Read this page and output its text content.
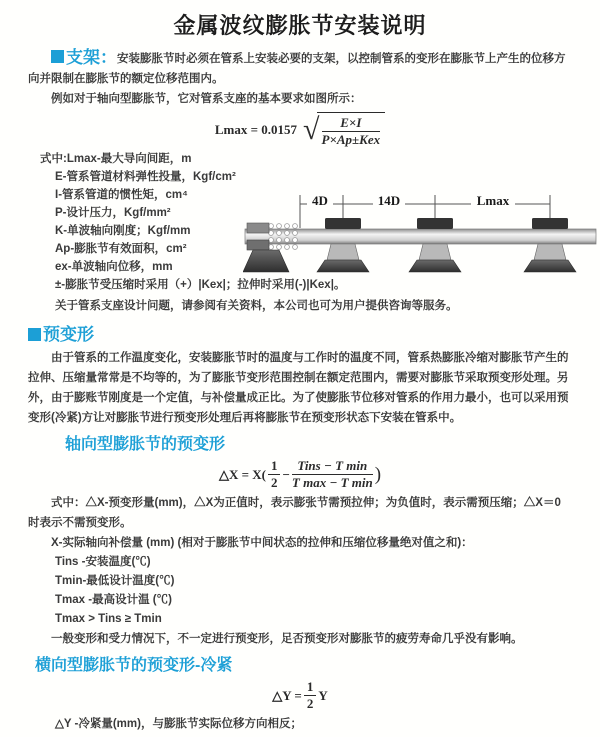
金属波纹膨胀节安装说明

支架：安装膨胀节时必须在管系上安装必要的支架，以控制管系的变形在膨胀节上产生的位移方向并限制在膨胀节的额定位移范围内。

例如对于轴向型膨胀节，它对管系支座的基本要求如图所示：

Lmax = 0.0157 √ $\frac{E\times I}{\text{P×Ap±Kex}}$
式中:Lmax-最大导向间距，m
E-管系管道材料弹性投量，Kgf/cm²
I-管系管道的惯性矩，cm⁴
P-设计压力，Kgf/mm²
K-单波轴向刚度；Kgf/mm
Ap-膨胀节有效面积，cm²
ex-单波轴向位移，mm
±-膨胀节受压缩时采用（+）|Kex|；拉伸时采用(-)|Kex|。

关于管系支座设计问题，请参阅有关资料，本公司也可为用户提供咨询等服务。

4D	14D	Lmax
预变形

由于管系的工作温度变化，安装膨胀节时的温度与工作时的温度不同，管系热膨胀冷缩对膨胀节产生的拉伸、压缩量常常是不均等的，为了膨胀节变形范围控制在额定范围内，需要对膨胀节采取预变形处理。另外，由于膨账节刚度是一个定值，与补偿量成正比。为了使膨胀节位移对管系的作用力最小，也可以采用预变形(冷紧)方让对膨胀节进行预变形处理后再将膨胀节在预变形状态下安装在管系中。

轴向型膨胀节的预变形
△X = $X( \frac{1}{2} - \frac{\text{Tins − T min}}{\text{T max − T min}}$ )

式中：△X-预变形量(mm)，△X为正值时，表示膨张节需预拉伸；为负值时，表示需预压缩；△X＝0时表示不需预变形。

X-实际轴向补偿量 (mm) (相对于膨胀节中间状态的拉伸和压缩位移量绝对值之和)：

Tins -安装温度(℃)
Tmin-最低设计温度(℃)
Tmax -最高设计温 (℃)
Tmax > Tins ≥ Tmin

一般变形和受力情况下，不一定进行预变形，足否预变形对膨胀节的疲劳寿命几乎没有影响。

横向型膨胀节的预变形-冷紧
△Y = $\frac{1}{2}$ Y

△Y -冷紧量(mm)，与膨胀节实际位移方向相反；
